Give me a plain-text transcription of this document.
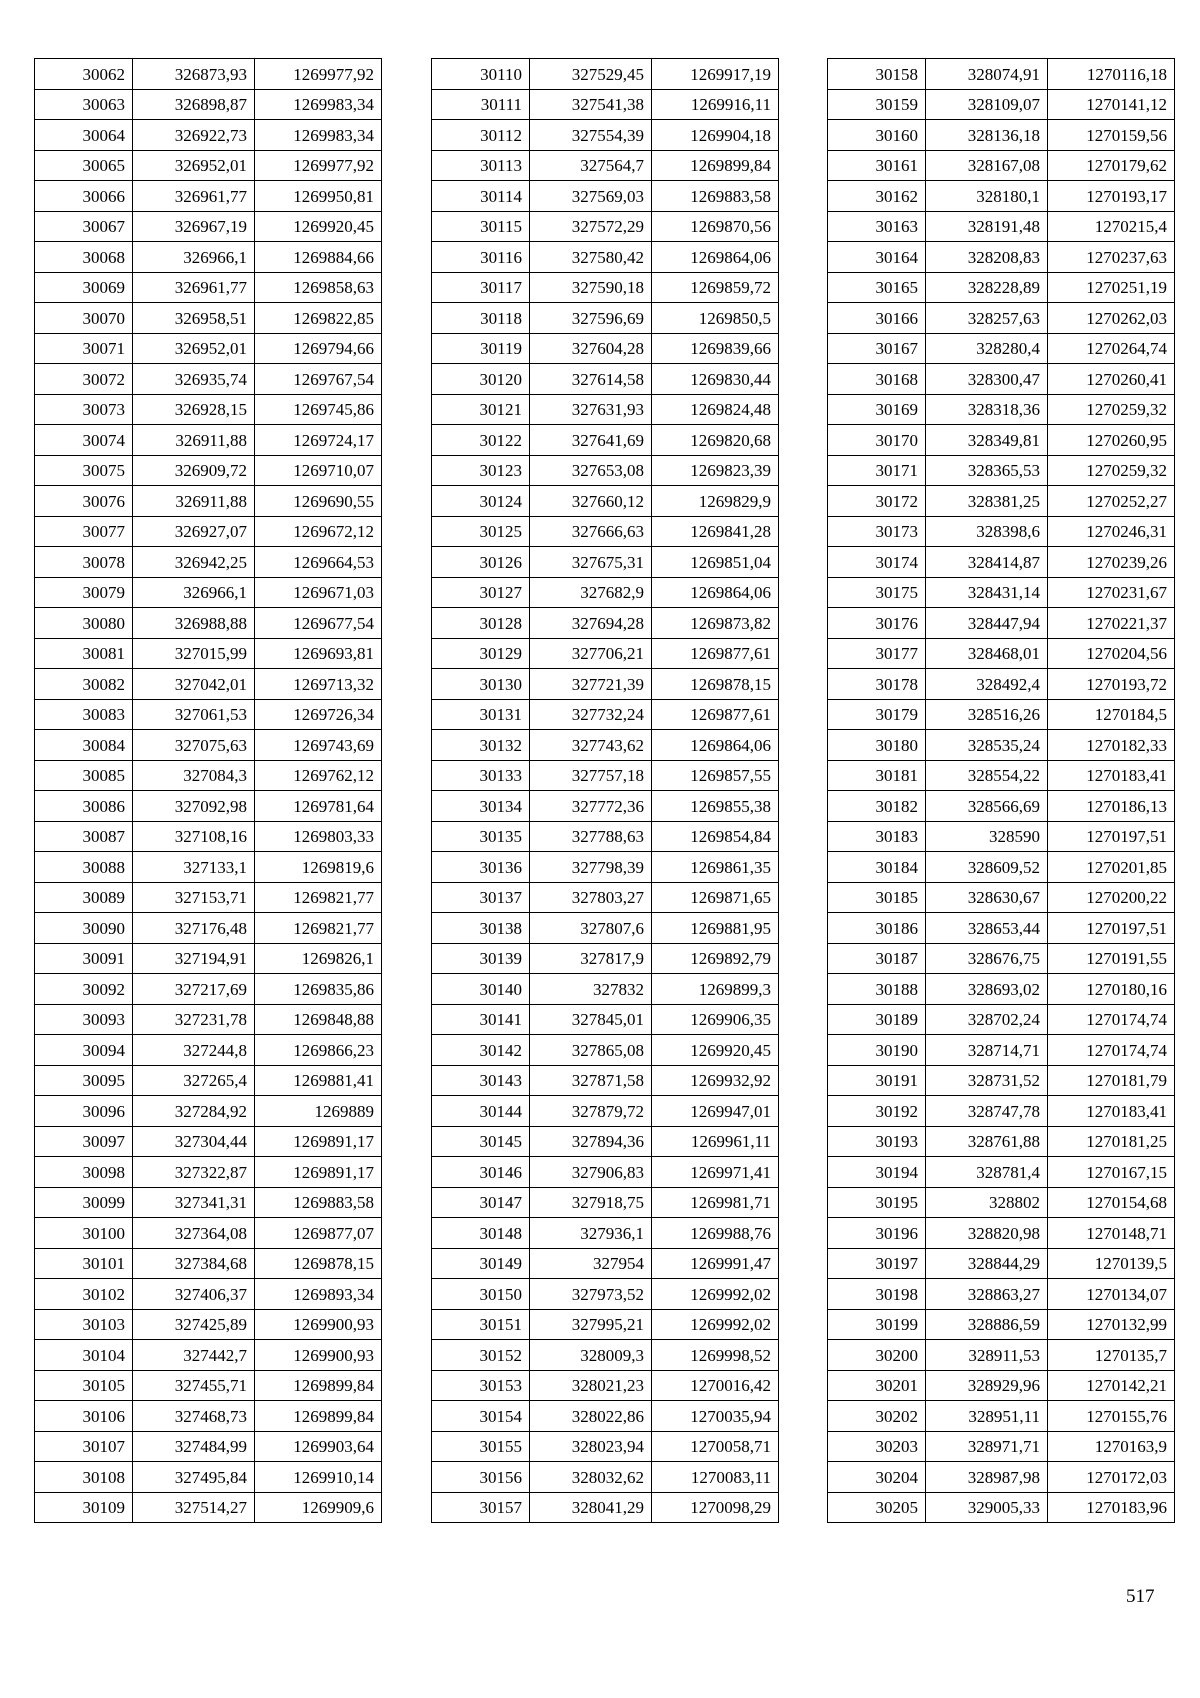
30062	326873,93	1269977,92
30063	326898,87	1269983,34
30064	326922,73	1269983,34
30065	326952,01	1269977,92
30066	326961,77	1269950,81
30067	326967,19	1269920,45
30068	326966,1	1269884,66
30069	326961,77	1269858,63
30070	326958,51	1269822,85
30071	326952,01	1269794,66
30072	326935,74	1269767,54
30073	326928,15	1269745,86
30074	326911,88	1269724,17
30075	326909,72	1269710,07
30076	326911,88	1269690,55
30077	326927,07	1269672,12
30078	326942,25	1269664,53
30079	326966,1	1269671,03
30080	326988,88	1269677,54
30081	327015,99	1269693,81
30082	327042,01	1269713,32
30083	327061,53	1269726,34
30084	327075,63	1269743,69
30085	327084,3	1269762,12
30086	327092,98	1269781,64
30087	327108,16	1269803,33
30088	327133,1	1269819,6
30089	327153,71	1269821,77
30090	327176,48	1269821,77
30091	327194,91	1269826,1
30092	327217,69	1269835,86
30093	327231,78	1269848,88
30094	327244,8	1269866,23
30095	327265,4	1269881,41
30096	327284,92	1269889
30097	327304,44	1269891,17
30098	327322,87	1269891,17
30099	327341,31	1269883,58
30100	327364,08	1269877,07
30101	327384,68	1269878,15
30102	327406,37	1269893,34
30103	327425,89	1269900,93
30104	327442,7	1269900,93
30105	327455,71	1269899,84
30106	327468,73	1269899,84
30107	327484,99	1269903,64
30108	327495,84	1269910,14
30109	327514,27	1269909,6
30110	327529,45	1269917,19
30111	327541,38	1269916,11
30112	327554,39	1269904,18
30113	327564,7	1269899,84
30114	327569,03	1269883,58
30115	327572,29	1269870,56
30116	327580,42	1269864,06
30117	327590,18	1269859,72
30118	327596,69	1269850,5
30119	327604,28	1269839,66
30120	327614,58	1269830,44
30121	327631,93	1269824,48
30122	327641,69	1269820,68
30123	327653,08	1269823,39
30124	327660,12	1269829,9
30125	327666,63	1269841,28
30126	327675,31	1269851,04
30127	327682,9	1269864,06
30128	327694,28	1269873,82
30129	327706,21	1269877,61
30130	327721,39	1269878,15
30131	327732,24	1269877,61
30132	327743,62	1269864,06
30133	327757,18	1269857,55
30134	327772,36	1269855,38
30135	327788,63	1269854,84
30136	327798,39	1269861,35
30137	327803,27	1269871,65
30138	327807,6	1269881,95
30139	327817,9	1269892,79
30140	327832	1269899,3
30141	327845,01	1269906,35
30142	327865,08	1269920,45
30143	327871,58	1269932,92
30144	327879,72	1269947,01
30145	327894,36	1269961,11
30146	327906,83	1269971,41
30147	327918,75	1269981,71
30148	327936,1	1269988,76
30149	327954	1269991,47
30150	327973,52	1269992,02
30151	327995,21	1269992,02
30152	328009,3	1269998,52
30153	328021,23	1270016,42
30154	328022,86	1270035,94
30155	328023,94	1270058,71
30156	328032,62	1270083,11
30157	328041,29	1270098,29
30158	328074,91	1270116,18
30159	328109,07	1270141,12
30160	328136,18	1270159,56
30161	328167,08	1270179,62
30162	328180,1	1270193,17
30163	328191,48	1270215,4
30164	328208,83	1270237,63
30165	328228,89	1270251,19
30166	328257,63	1270262,03
30167	328280,4	1270264,74
30168	328300,47	1270260,41
30169	328318,36	1270259,32
30170	328349,81	1270260,95
30171	328365,53	1270259,32
30172	328381,25	1270252,27
30173	328398,6	1270246,31
30174	328414,87	1270239,26
30175	328431,14	1270231,67
30176	328447,94	1270221,37
30177	328468,01	1270204,56
30178	328492,4	1270193,72
30179	328516,26	1270184,5
30180	328535,24	1270182,33
30181	328554,22	1270183,41
30182	328566,69	1270186,13
30183	328590	1270197,51
30184	328609,52	1270201,85
30185	328630,67	1270200,22
30186	328653,44	1270197,51
30187	328676,75	1270191,55
30188	328693,02	1270180,16
30189	328702,24	1270174,74
30190	328714,71	1270174,74
30191	328731,52	1270181,79
30192	328747,78	1270183,41
30193	328761,88	1270181,25
30194	328781,4	1270167,15
30195	328802	1270154,68
30196	328820,98	1270148,71
30197	328844,29	1270139,5
30198	328863,27	1270134,07
30199	328886,59	1270132,99
30200	328911,53	1270135,7
30201	328929,96	1270142,21
30202	328951,11	1270155,76
30203	328971,71	1270163,9
30204	328987,98	1270172,03
30205	329005,33	1270183,96
517
